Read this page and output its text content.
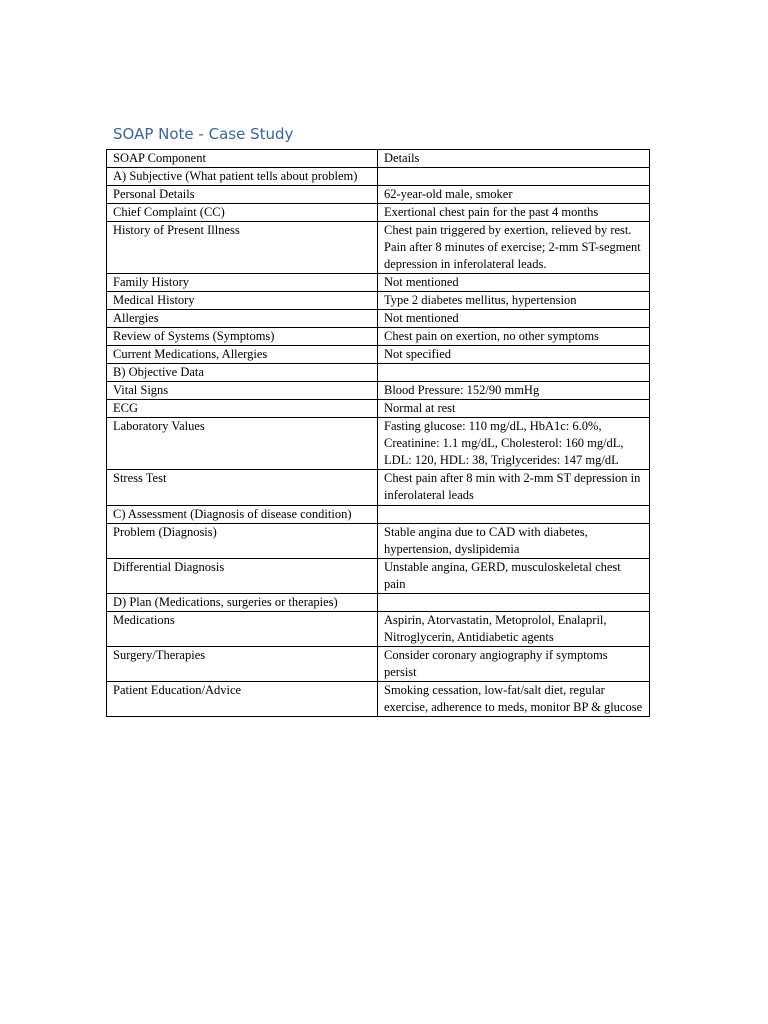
SOAP Note - Case Study
SOAP Component	Details
A) Subjective (What patient tells about problem)	
Personal Details	62-year-old male, smoker
Chief Complaint (CC)	Exertional chest pain for the past 4 months
History of Present Illness	Chest pain triggered by exertion, relieved by rest. Pain after 8 minutes of exercise; 2-mm ST-segment depression in inferolateral leads.
Family History	Not mentioned
Medical History	Type 2 diabetes mellitus, hypertension
Allergies	Not mentioned
Review of Systems (Symptoms)	Chest pain on exertion, no other symptoms
Current Medications, Allergies	Not specified
B) Objective Data	
Vital Signs	Blood Pressure: 152/90 mmHg
ECG	Normal at rest
Laboratory Values	Fasting glucose: 110 mg/dL, HbA1c: 6.0%, Creatinine: 1.1 mg/dL, Cholesterol: 160 mg/dL, LDL: 120, HDL: 38, Triglycerides: 147 mg/dL
Stress Test	Chest pain after 8 min with 2-mm ST depression in inferolateral leads
C) Assessment (Diagnosis of disease condition)	
Problem (Diagnosis)	Stable angina due to CAD with diabetes, hypertension, dyslipidemia
Differential Diagnosis	Unstable angina, GERD, musculoskeletal chest pain
D) Plan (Medications, surgeries or therapies)	
Medications	Aspirin, Atorvastatin, Metoprolol, Enalapril, Nitroglycerin, Antidiabetic agents
Surgery/Therapies	Consider coronary angiography if symptoms persist
Patient Education/Advice	Smoking cessation, low-fat/salt diet, regular exercise, adherence to meds, monitor BP & glucose
